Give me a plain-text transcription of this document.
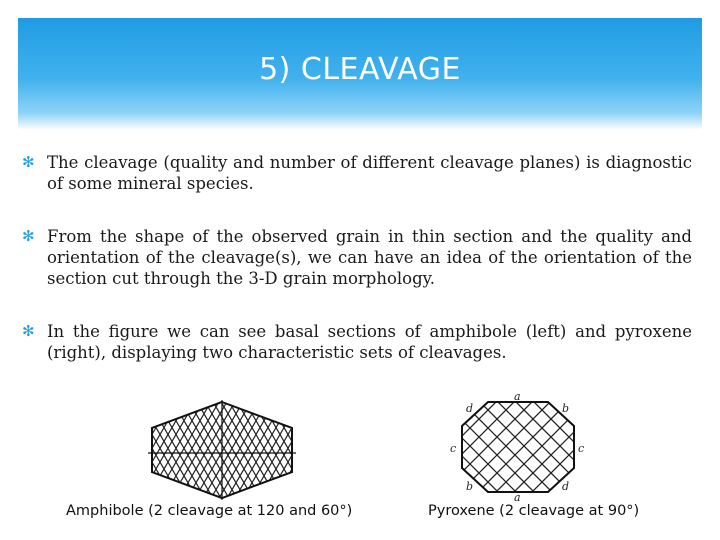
5) CLEAVAGE
✻ The cleavage (quality and number of different cleavage planes) is diagnostic of some mineral species.
✻ From the shape of the observed grain in thin section and the quality and orientation of the cleavage(s), we can have an idea of the orientation of the section cut through the 3-D grain morphology.
✻ In the figure we can see basal sections of amphibole (left) and pyroxene (right), displaying two characteristic sets of cleavages.
a
b
c
d
a
b
c
d
Amphibole (2 cleavage at 120 and 60°)	Pyroxene (2 cleavage at 90°)
